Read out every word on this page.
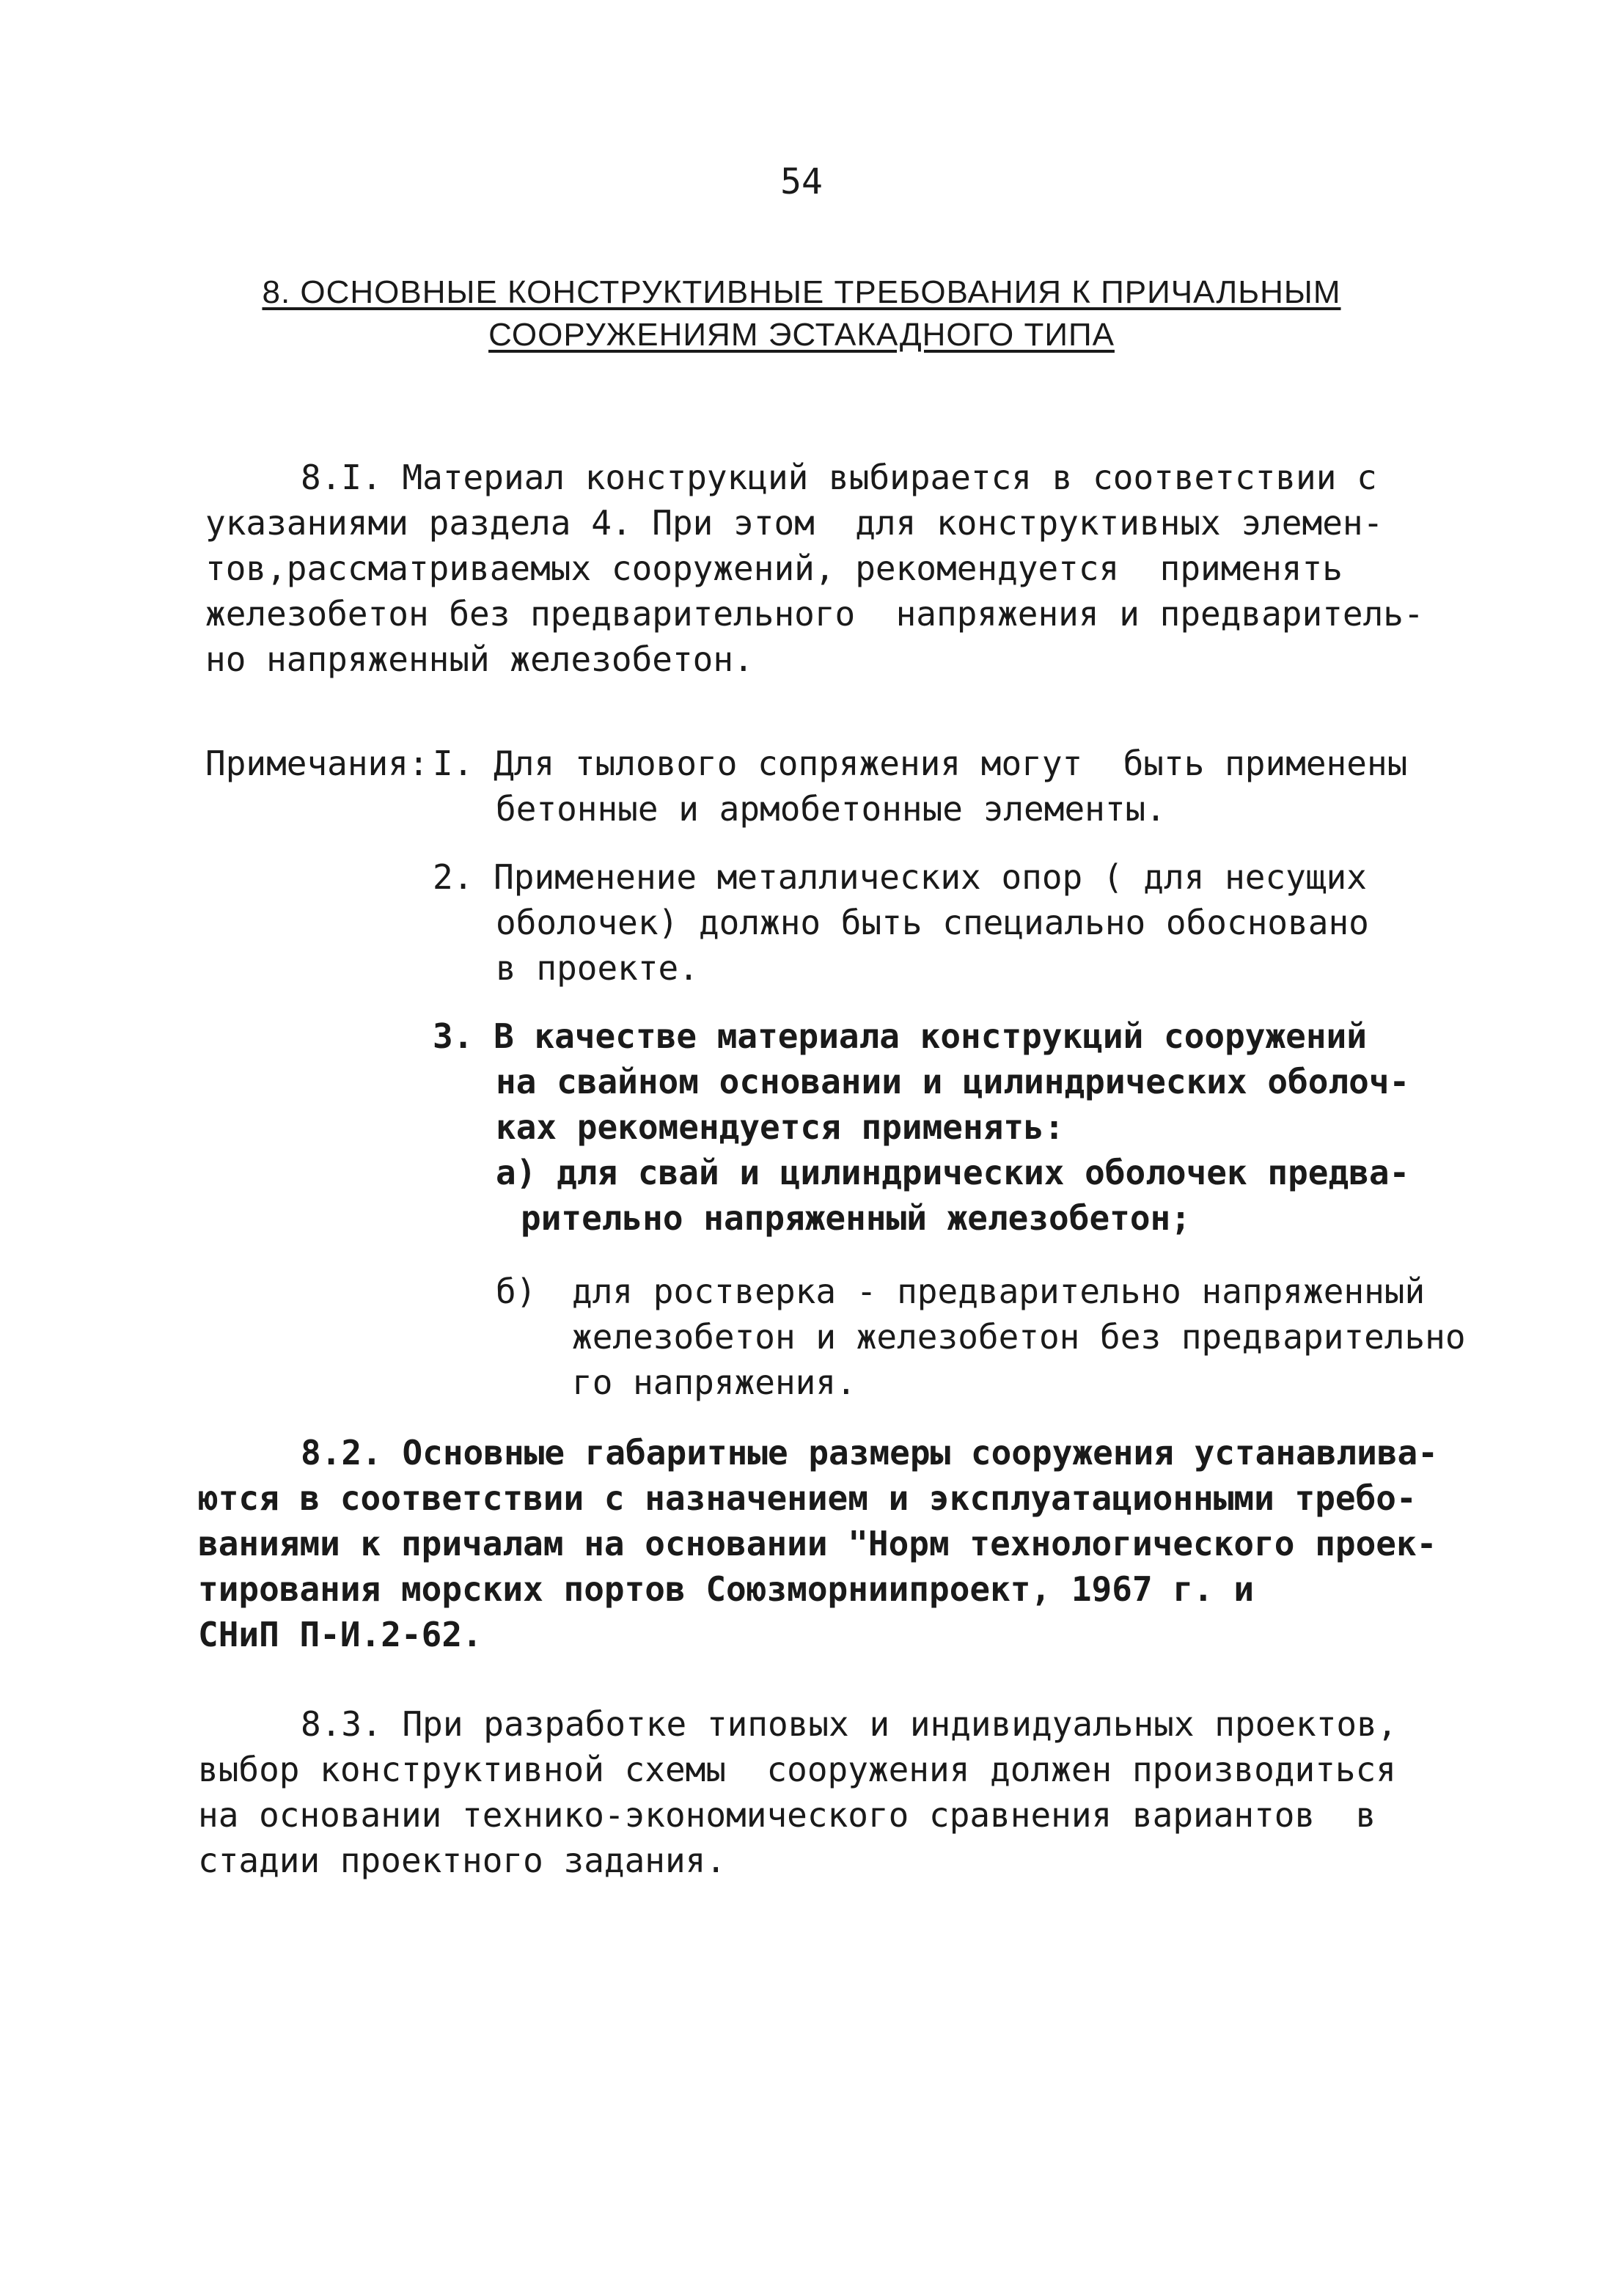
54
8. ОСНОВНЫЕ КОНСТРУКТИВНЫЕ ТРЕБОВАНИЯ К ПРИЧАЛЬНЫМ
СООРУЖЕНИЯМ ЭСТАКАДНОГО ТИПА
8.I. Материал конструкций выбирается в соответствии с
указаниями раздела 4. При этом  для конструктивных элемен-
тов,рассматриваемых сооружений, рекомендуется  применять
железобетон без предварительного  напряжения и предваритель-
но напряженный железобетон.
Примечания: I. Для тылового сопряжения могут  быть применены
бетонные и армобетонные элементы.
2. Применение металлических опор ( для несущих
оболочек) должно быть специально обосновано
в проекте.
3. В качестве материала конструкций сооружений
на свайном основании и цилиндрических оболоч-
ках рекомендуется применять:
а) для свай и цилиндрических оболочек предва-
рительно напряженный железобетон;
б) для ростверка - предварительно напряженный
железобетон и железобетон без предварительно
го напряжения.
8.2. Основные габаритные размеры сооружения устанавлива-
ются в соответствии с назначением и эксплуатационными требо-
ваниями к причалам на основании "Норм технологического проек-
тирования морских портов Союзморниипроект, 1967 г. и
СНиП П-И.2-62.
8.3. При разработке типовых и индивидуальных проектов,
выбор конструктивной схемы  сооружения должен производиться
на основании технико-экономического сравнения вариантов  в
стадии проектного задания.
